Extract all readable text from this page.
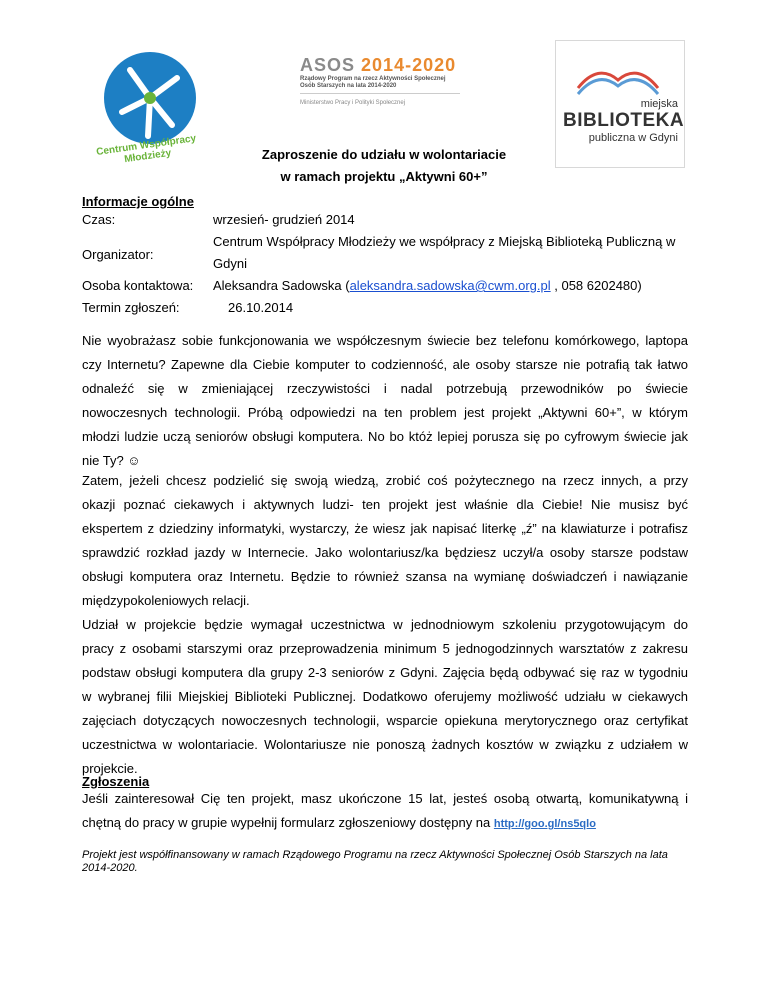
Centrum Współpracy Młodzieży
ASOS 2014-2020
Rządowy Program na rzecz Aktywności Społecznej
Osób Starszych na lata 2014-2020
Ministerstwo Pracy i Polityki Społecznej	miejska
BIBLIOTEKA
publiczna w Gdyni
Zaproszenie do udziału w wolontariacie
w ramach projektu „Aktywni 60+”
Informacje ogólne
Czas:	wrzesień- grudzień 2014
Organizator:
Centrum Współpracy Młodzieży we współpracy z Miejską Biblioteką Publiczną w
Gdyni
Osoba kontaktowa: Aleksandra Sadowska (aleksandra.sadowska@cwm.org.pl , 058 6202480)
Termin zgłoszeń:	26.10.2014
Nie wyobrażasz sobie funkcjonowania we współczesnym świecie bez telefonu komórkowego, laptopa
czy Internetu? Zapewne dla Ciebie komputer to codzienność, ale osoby starsze nie potrafią tak łatwo
odnaleźć się w zmieniającej rzeczywistości i nadal potrzebują przewodników po świecie
nowoczesnych technologii. Próbą odpowiedzi na ten problem jest projekt „Aktywni 60+”, w którym
młodzi ludzie uczą seniorów obsługi komputera. No bo któż lepiej porusza się po cyfrowym świecie jak
nie Ty? ☺
Zatem, jeżeli chcesz podzielić się swoją wiedzą, zrobić coś pożytecznego na rzecz innych, a przy
okazji poznać ciekawych i aktywnych ludzi- ten projekt jest właśnie dla Ciebie! Nie musisz być
ekspertem z dziedziny informatyki, wystarczy, że wiesz jak napisać literkę „ź” na klawiaturze i potrafisz
sprawdzić rozkład jazdy w Internecie. Jako wolontariusz/ka będziesz uczył/a osoby starsze podstaw
obsługi komputera oraz Internetu. Będzie to również szansa na wymianę doświadczeń i nawiązanie
międzypokoleniowych relacji.
Udział w projekcie będzie wymagał uczestnictwa w jednodniowym szkoleniu przygotowującym do
pracy z osobami starszymi oraz przeprowadzenia minimum 5 jednogodzinnych warsztatów z zakresu
podstaw obsługi komputera dla grupy 2-3 seniorów z Gdyni. Zajęcia będą odbywać się raz w tygodniu
w wybranej filii Miejskiej Biblioteki Publicznej. Dodatkowo oferujemy możliwość udziału w ciekawych
zajęciach dotyczących nowoczesnych technologii, wsparcie opiekuna merytorycznego oraz certyfikat
uczestnictwa w wolontariacie. Wolontariusze nie ponoszą żadnych kosztów w związku z udziałem w
projekcie.
Zgłoszenia
Jeśli zainteresował Cię ten projekt, masz ukończone 15 lat, jesteś osobą otwartą, komunikatywną i
chętną do pracy w grupie wypełnij formularz zgłoszeniowy dostępny na http://goo.gl/ns5qlo
Projekt jest współfinansowany w ramach Rządowego Programu na rzecz Aktywności Społecznej Osób Starszych na lata 2014-2020.
